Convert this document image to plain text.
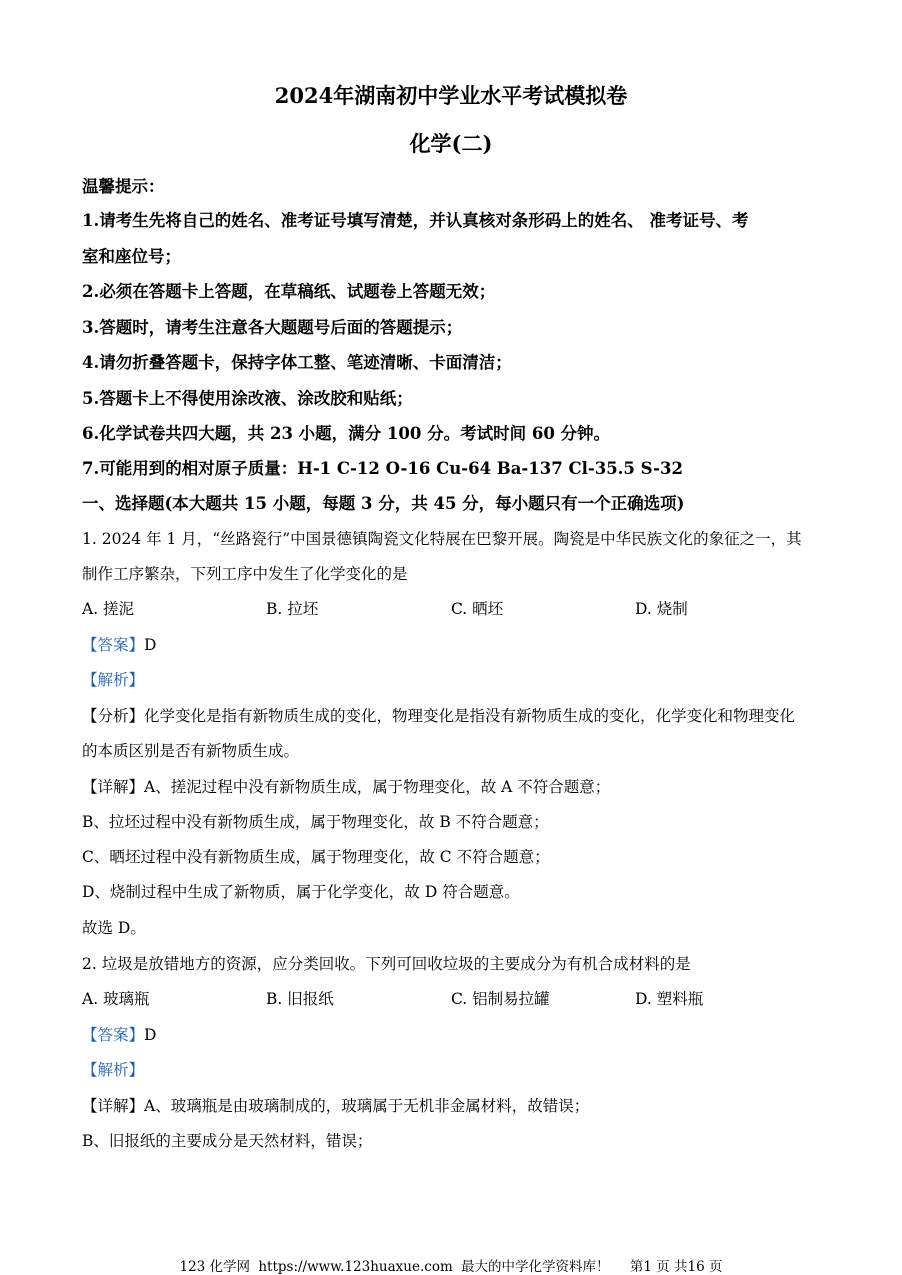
2024年湖南初中学业水平考试模拟卷
化学(二)
温馨提示：
1.请考生先将自己的姓名、准考证号填写清楚，并认真核对条形码上的姓名、 准考证号、考
室和座位号；
2.必须在答题卡上答题，在草稿纸、试题卷上答题无效；
3.答题时，请考生注意各大题题号后面的答题提示；
4.请勿折叠答题卡，保持字体工整、笔迹清晰、卡面清洁；
5.答题卡上不得使用涂改液、涂改胶和贴纸；
6.化学试卷共四大题，共 23 小题，满分 100 分。考试时间 60 分钟。
7.可能用到的相对原子质量：H-1 C-12 O-16 Cu-64 Ba-137 Cl-35.5 S-32
一、选择题(本大题共 15 小题，每题 3 分，共 45 分，每小题只有一个正确选项)
1. 2024 年 1 月，“丝路瓷行”中国景德镇陶瓷文化特展在巴黎开展。陶瓷是中华民族文化的象征之一，其
制作工序繁杂，下列工序中发生了化学变化的是
A. 搓泥	B. 拉坯	C. 晒坯	D. 烧制
【答案】D
【解析】
【分析】化学变化是指有新物质生成的变化，物理变化是指没有新物质生成的变化，化学变化和物理变化
的本质区别是否有新物质生成。
【详解】A、搓泥过程中没有新物质生成，属于物理变化，故 A 不符合题意；
B、拉坯过程中没有新物质生成，属于物理变化，故 B 不符合题意；
C、晒坯过程中没有新物质生成，属于物理变化，故 C 不符合题意；
D、烧制过程中生成了新物质，属于化学变化，故 D 符合题意。
故选 D。
2. 垃圾是放错地方的资源，应分类回收。下列可回收垃圾的主要成分为有机合成材料的是
A. 玻璃瓶	B. 旧报纸	C. 铝制易拉罐	D. 塑料瓶
【答案】D
【解析】
【详解】A、玻璃瓶是由玻璃制成的，玻璃属于无机非金属材料，故错误；
B、旧报纸的主要成分是天然材料，错误；
123 化学网 https://www.123huaxue.com 最大的中学化学资料库！ 第1 页 共16 页
